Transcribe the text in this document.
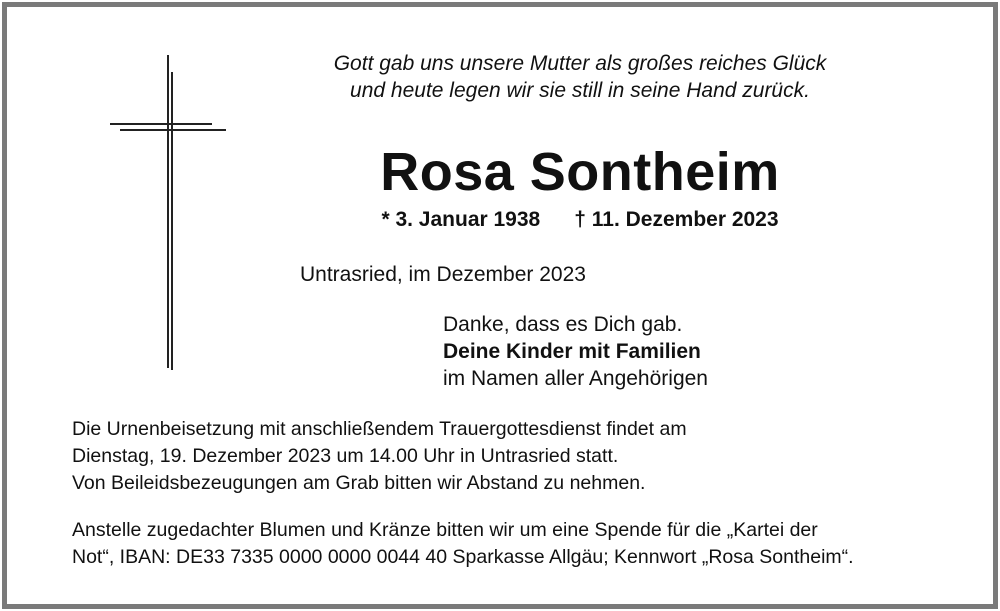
Gott gab uns unsere Mutter als großes reiches Glück
und heute legen wir sie still in seine Hand zurück.
Rosa Sontheim
* 3. Januar 1938 † 11. Dezember 2023
Untrasried, im Dezember 2023
Danke, dass es Dich gab.
Deine Kinder mit Familien
im Namen aller Angehörigen
Die Urnenbeisetzung mit anschließendem Trauergottesdienst findet am
Dienstag, 19. Dezember 2023 um 14.00 Uhr in Untrasried statt.
Von Beileidsbezeugungen am Grab bitten wir Abstand zu nehmen.
Anstelle zugedachter Blumen und Kränze bitten wir um eine Spende für die „Kartei der
Not“, IBAN: DE33 7335 0000 0000 0044 40 Sparkasse Allgäu; Kennwort „Rosa Sontheim“.
